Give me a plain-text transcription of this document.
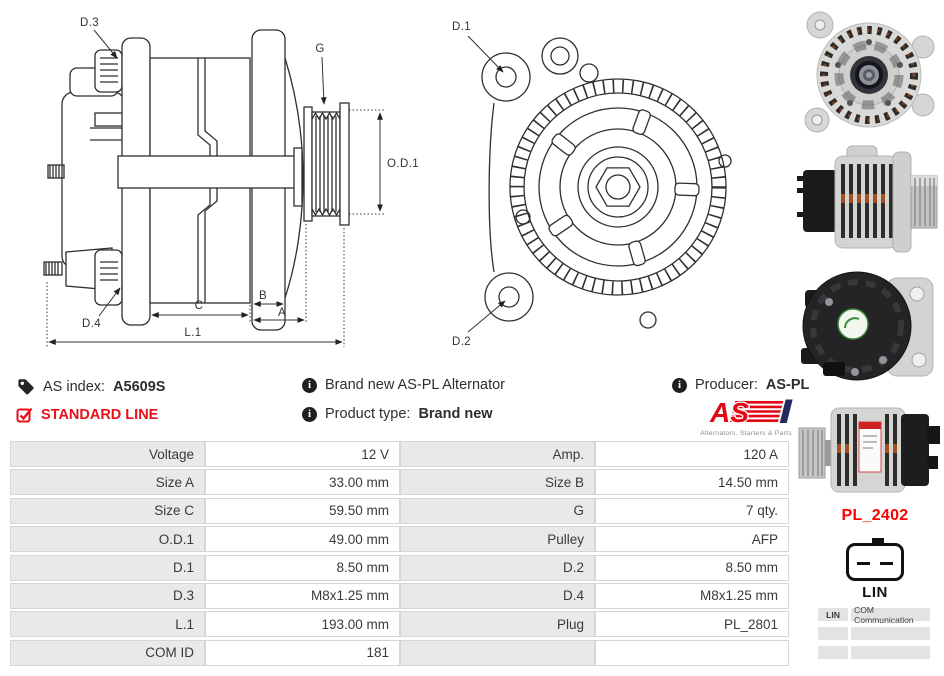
D.3
G
D.4
O.D.1
C
B
A
L.1
D.1
D.2
AS index: A5609S
STANDARD LINE
i
Brand new AS-PL Alternator
i
Product type: Brand new
i
Producer: AS-PL
AS
Alternators, Starters & Parts
Voltage	12 V	Amp.	120 A
Size A	33.00 mm	Size B	14.50 mm
Size C	59.50 mm	G	7 qty.
O.D.1	49.00 mm	Pulley	AFP
D.1	8.50 mm	D.2	8.50 mm
D.3	M8x1.25 mm	D.4	M8x1.25 mm
L.1	193.00 mm	Plug	PL_2801
COM ID	181
PL_2402
LIN
LIN	COM Communication
